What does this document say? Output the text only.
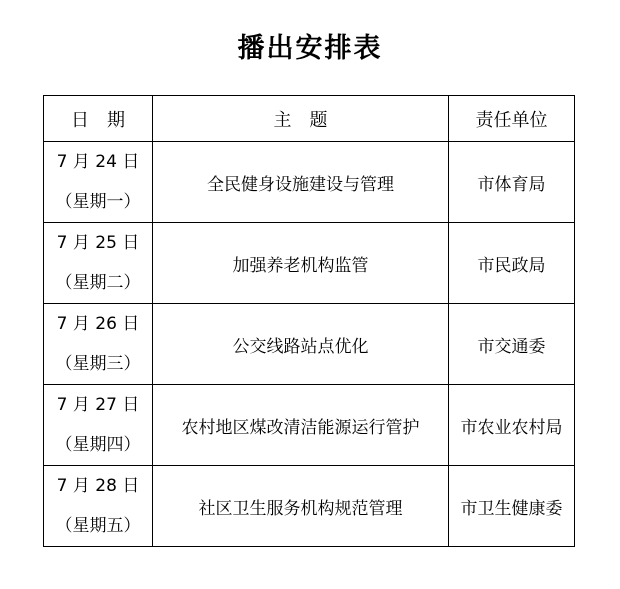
播出安排表
日　期	主　题	责任单位

7 月 24 日
（星期一）	全民健身设施建设与管理	市体育局

7 月 25 日
（星期二）	加强养老机构监管	市民政局

7 月 26 日
（星期三）	公交线路站点优化	市交通委

7 月 27 日
（星期四）	农村地区煤改清洁能源运行管护	市农业农村局

7 月 28 日
（星期五）	社区卫生服务机构规范管理	市卫生健康委
